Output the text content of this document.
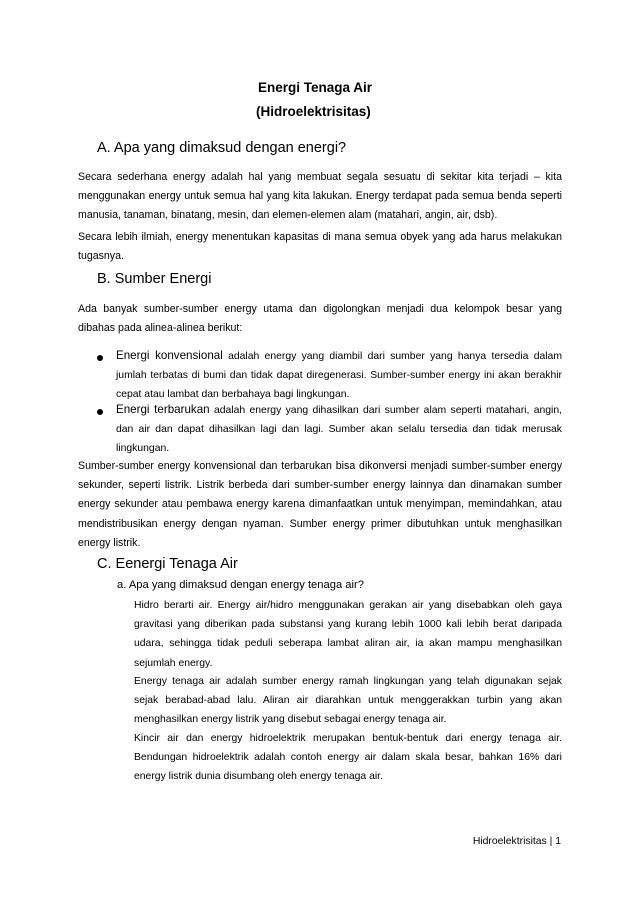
Energi Tenaga Air
(Hidroelektrisitas)
A. Apa yang dimaksud dengan energi?
Secara sederhana energy adalah hal yang membuat segala sesuatu di sekitar kita terjadi – kita menggunakan energy untuk semua hal yang kita lakukan. Energy terdapat pada semua benda seperti manusia, tanaman, binatang, mesin, dan elemen-elemen alam (matahari, angin, air, dsb).
Secara lebih ilmiah, energy menentukan kapasitas di mana semua obyek yang ada harus melakukan tugasnya.
B. Sumber Energi
Ada banyak sumber-sumber energy utama dan digolongkan menjadi dua kelompok besar yang dibahas pada alinea-alinea berikut:
Energi konvensional adalah energy yang diambil dari sumber yang hanya tersedia dalam jumlah terbatas di bumi dan tidak dapat diregenerasi. Sumber-sumber energy ini akan berakhir cepat atau lambat dan berbahaya bagi lingkungan.
Energi terbarukan adalah energy yang dihasilkan dari sumber alam seperti matahari, angin, dan air dan dapat dihasilkan lagi dan lagi. Sumber akan selalu tersedia dan tidak merusak lingkungan.
Sumber-sumber energy konvensional dan terbarukan bisa dikonversi menjadi sumber-sumber energy sekunder, seperti listrik. Listrik berbeda dari sumber-sumber energy lainnya dan dinamakan sumber energy sekunder atau pembawa energy karena dimanfaatkan untuk menyimpan, memindahkan, atau mendistribusikan energy dengan nyaman. Sumber energy primer dibutuhkan untuk menghasilkan energy listrik.
C. Eenergi Tenaga Air
a. Apa yang dimaksud dengan energy tenaga air?
Hidro berarti air. Energy air/hidro menggunakan gerakan air yang disebabkan oleh gaya gravitasi yang diberikan pada substansi yang kurang lebih 1000 kali lebih berat daripada udara, sehingga tidak peduli seberapa lambat aliran air, ia akan mampu menghasilkan sejumlah energy.
Energy tenaga air adalah sumber energy ramah lingkungan yang telah digunakan sejak sejak berabad-abad lalu. Aliran air diarahkan untuk menggerakkan turbin yang akan menghasilkan energy listrik yang disebut sebagai energy tenaga air.
Kincir air dan energy hidroelektrik merupakan bentuk-bentuk dari energy tenaga air. Bendungan hidroelektrik adalah contoh energy air dalam skala besar, bahkan 16% dari energy listrik dunia disumbang oleh energy tenaga air.
Hidroelektrisitas | 1
